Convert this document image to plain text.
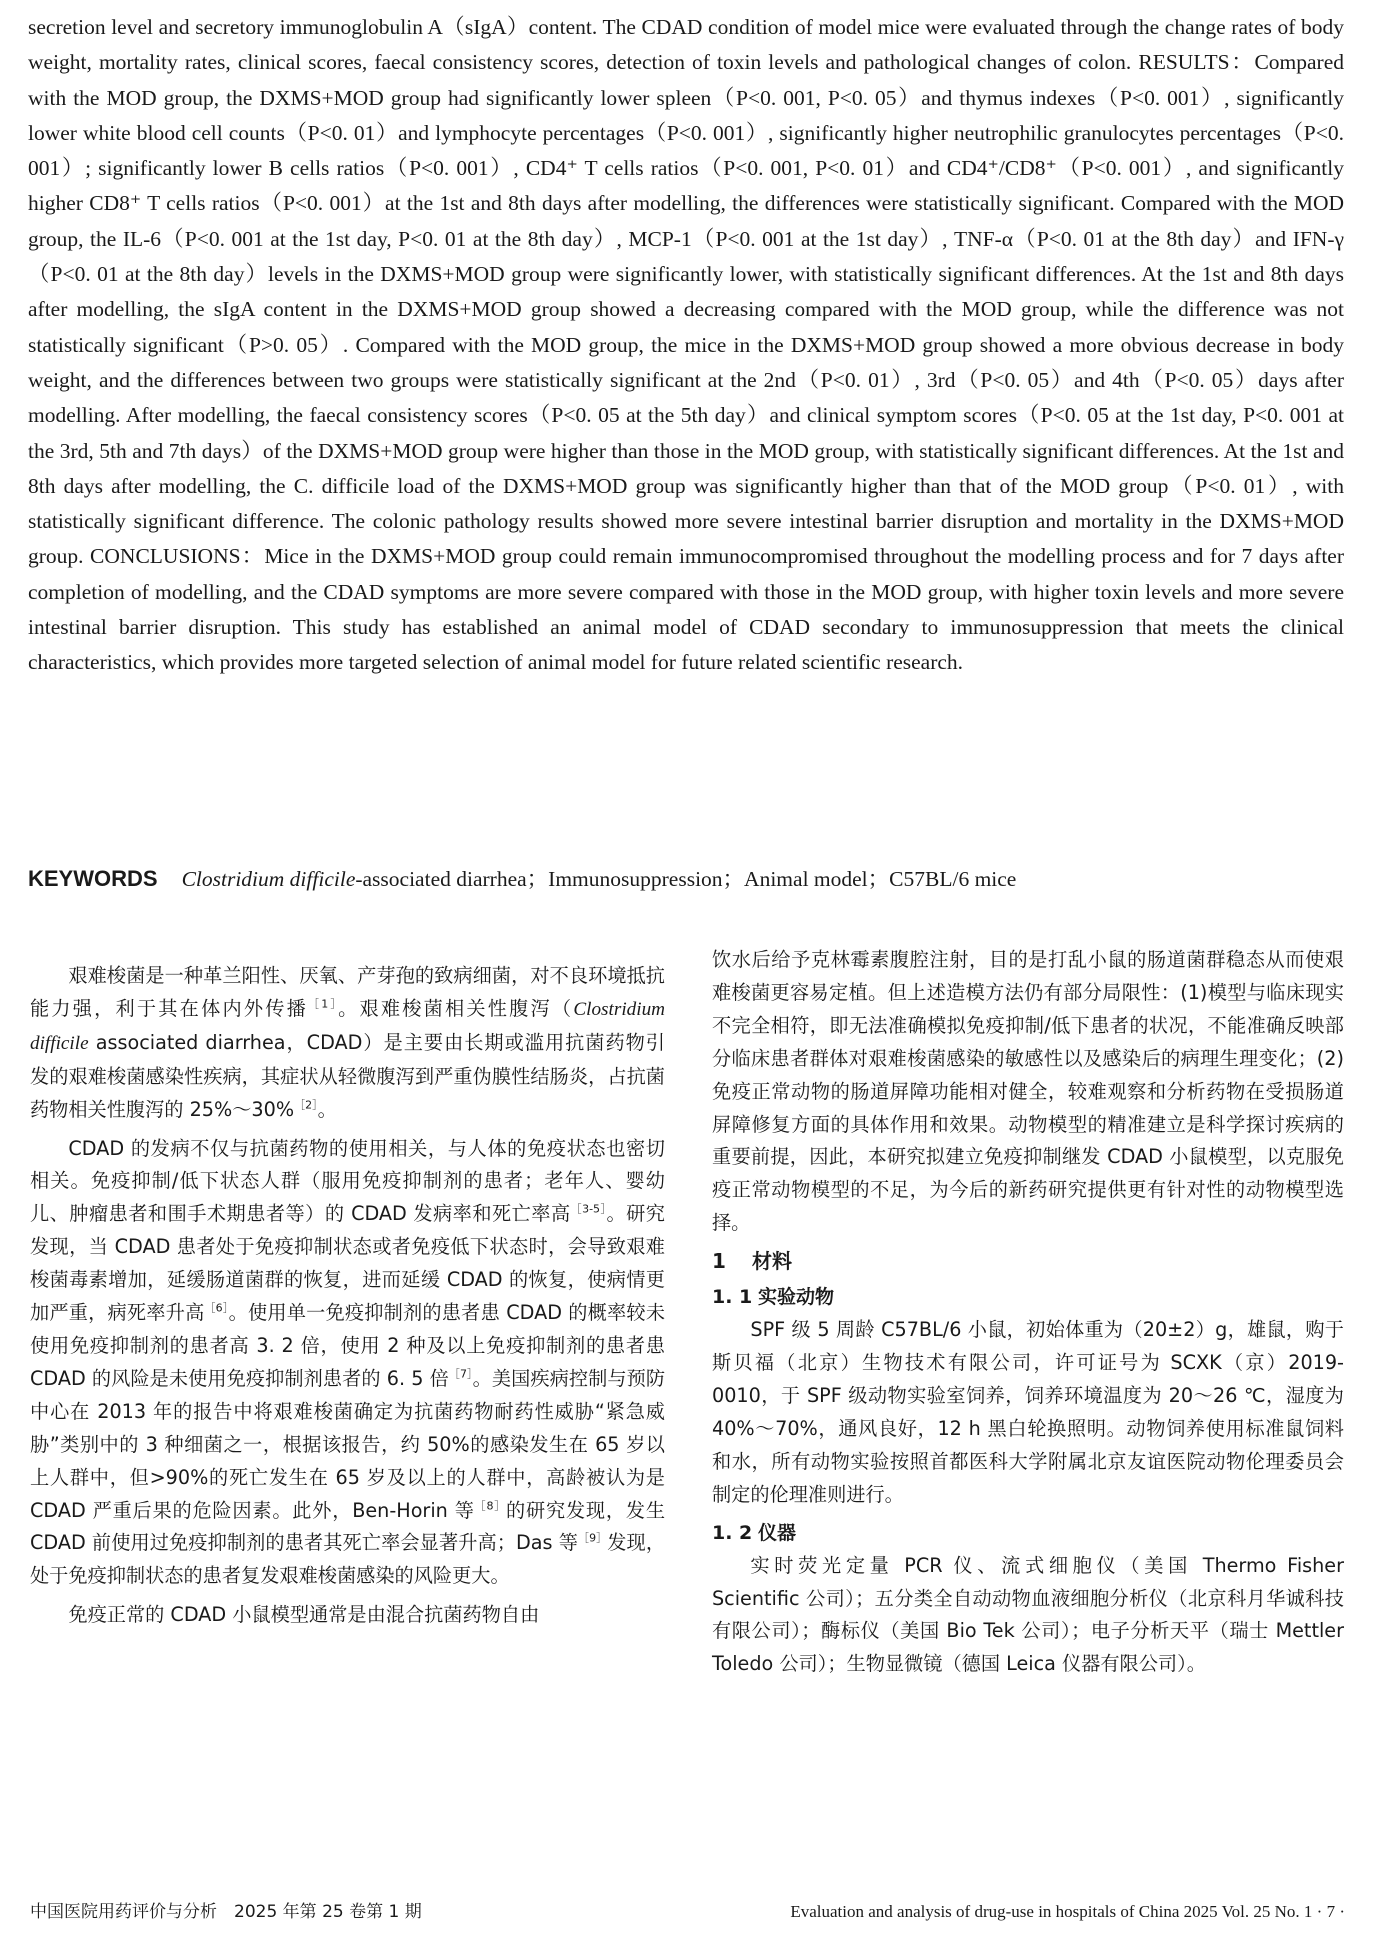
secretion level and secretory immunoglobulin A（sIgA）content. The CDAD condition of model mice were evaluated through the change rates of body weight, mortality rates, clinical scores, faecal consistency scores, detection of toxin levels and pathological changes of colon. RESULTS：Compared with the MOD group, the DXMS+MOD group had significantly lower spleen（P<0. 001, P<0. 05）and thymus indexes（P<0. 001）, significantly lower white blood cell counts（P<0. 01）and lymphocyte percentages（P<0. 001）, significantly higher neutrophilic granulocytes percentages（P<0. 001）; significantly lower B cells ratios（P<0. 001）, CD4⁺ T cells ratios（P<0. 001, P<0. 01）and CD4⁺/CD8⁺（P<0. 001）, and significantly higher CD8⁺ T cells ratios（P<0. 001）at the 1st and 8th days after modelling, the differences were statistically significant. Compared with the MOD group, the IL-6（P<0. 001 at the 1st day, P<0. 01 at the 8th day）, MCP-1（P<0. 001 at the 1st day）, TNF-α（P<0. 01 at the 8th day）and IFN-γ（P<0. 01 at the 8th day）levels in the DXMS+MOD group were significantly lower, with statistically significant differences. At the 1st and 8th days after modelling, the sIgA content in the DXMS+MOD group showed a decreasing compared with the MOD group, while the difference was not statistically significant（P>0. 05）. Compared with the MOD group, the mice in the DXMS+MOD group showed a more obvious decrease in body weight, and the differences between two groups were statistically significant at the 2nd（P<0. 01）, 3rd（P<0. 05）and 4th（P<0. 05）days after modelling. After modelling, the faecal consistency scores（P<0. 05 at the 5th day）and clinical symptom scores（P<0. 05 at the 1st day, P<0. 001 at the 3rd, 5th and 7th days）of the DXMS+MOD group were higher than those in the MOD group, with statistically significant differences. At the 1st and 8th days after modelling, the C. difficile load of the DXMS+MOD group was significantly higher than that of the MOD group（P<0. 01）, with statistically significant difference. The colonic pathology results showed more severe intestinal barrier disruption and mortality in the DXMS+MOD group. CONCLUSIONS：Mice in the DXMS+MOD group could remain immunocompromised throughout the modelling process and for 7 days after completion of modelling, and the CDAD symptoms are more severe compared with those in the MOD group, with higher toxin levels and more severe intestinal barrier disruption. This study has established an animal model of CDAD secondary to immunosuppression that meets the clinical characteristics, which provides more targeted selection of animal model for future related scientific research.
KEYWORDS Clostridium difficile-associated diarrhea；Immunosuppression；Animal model；C57BL/6 mice

艰难梭菌是一种革兰阳性、厌氧、产芽孢的致病细菌，对不良环境抵抗能力强，利于其在体内外传播$^{[1]}$。艰难梭菌相关性腹泻（Clostridium difficile associated diarrhea，CDAD）是主要由长期或滥用抗菌药物引发的艰难梭菌感染性疾病，其症状从轻微腹泻到严重伪膜性结肠炎，占抗菌药物相关性腹泻的 25%～30%$^{[2]}$。

CDAD 的发病不仅与抗菌药物的使用相关，与人体的免疫状态也密切相关。免疫抑制/低下状态人群（服用免疫抑制剂的患者；老年人、婴幼儿、肿瘤患者和围手术期患者等）的 CDAD 发病率和死亡率高$^{[3-5]}$。研究发现，当 CDAD 患者处于免疫抑制状态或者免疫低下状态时，会导致艰难梭菌毒素增加，延缓肠道菌群的恢复，进而延缓 CDAD 的恢复，使病情更加严重，病死率升高$^{[6]}$。使用单一免疫抑制剂的患者患 CDAD 的概率较未使用免疫抑制剂的患者高 3. 2 倍，使用 2 种及以上免疫抑制剂的患者患 CDAD 的风险是未使用免疫抑制剂患者的 6. 5 倍$^{[7]}$。美国疾病控制与预防中心在 2013 年的报告中将艰难梭菌确定为抗菌药物耐药性威胁“紧急威胁”类别中的 3 种细菌之一，根据该报告，约 50%的感染发生在 65 岁以上人群中，但>90%的死亡发生在 65 岁及以上的人群中，高龄被认为是 CDAD 严重后果的危险因素。此外，Ben-Horin 等$^{[8]}$的研究发现，发生 CDAD 前使用过免疫抑制剂的患者其死亡率会显著升高；Das 等$^{[9]}$发现，处于免疫抑制状态的患者复发艰难梭菌感染的风险更大。

免疫正常的 CDAD 小鼠模型通常是由混合抗菌药物自由

饮水后给予克林霉素腹腔注射，目的是打乱小鼠的肠道菌群稳态从而使艰难梭菌更容易定植。但上述造模方法仍有部分局限性：(1)模型与临床现实不完全相符，即无法准确模拟免疫抑制/低下患者的状况，不能准确反映部分临床患者群体对艰难梭菌感染的敏感性以及感染后的病理生理变化；(2)免疫正常动物的肠道屏障功能相对健全，较难观察和分析药物在受损肠道屏障修复方面的具体作用和效果。动物模型的精准建立是科学探讨疾病的重要前提，因此，本研究拟建立免疫抑制继发 CDAD 小鼠模型，以克服免疫正常动物模型的不足，为今后的新药研究提供更有针对性的动物模型选择。

1 材料
1. 1 实验动物

SPF 级 5 周龄 C57BL/6 小鼠，初始体重为（20±2）g，雄鼠，购于斯贝福（北京）生物技术有限公司，许可证号为 SCXK（京）2019-0010，于 SPF 级动物实验室饲养，饲养环境温度为 20～26 ℃，湿度为 40%～70%，通风良好，12 h 黑白轮换照明。动物饲养使用标准鼠饲料和水，所有动物实验按照首都医科大学附属北京友谊医院动物伦理委员会制定的伦理准则进行。

1. 2 仪器

实时荧光定量 PCR 仪、流式细胞仪（美国 Thermo Fisher Scientific 公司）；五分类全自动动物血液细胞分析仪（北京科月华诚科技有限公司）；酶标仪（美国 Bio Tek 公司）；电子分析天平（瑞士 Mettler Toledo 公司）；生物显微镜（德国 Leica 仪器有限公司）。

中国医院用药评价与分析　2025 年第 25 卷第 1 期	Evaluation and analysis of drug-use in hospitals of China 2025 Vol. 25 No. 1 · 7 ·
